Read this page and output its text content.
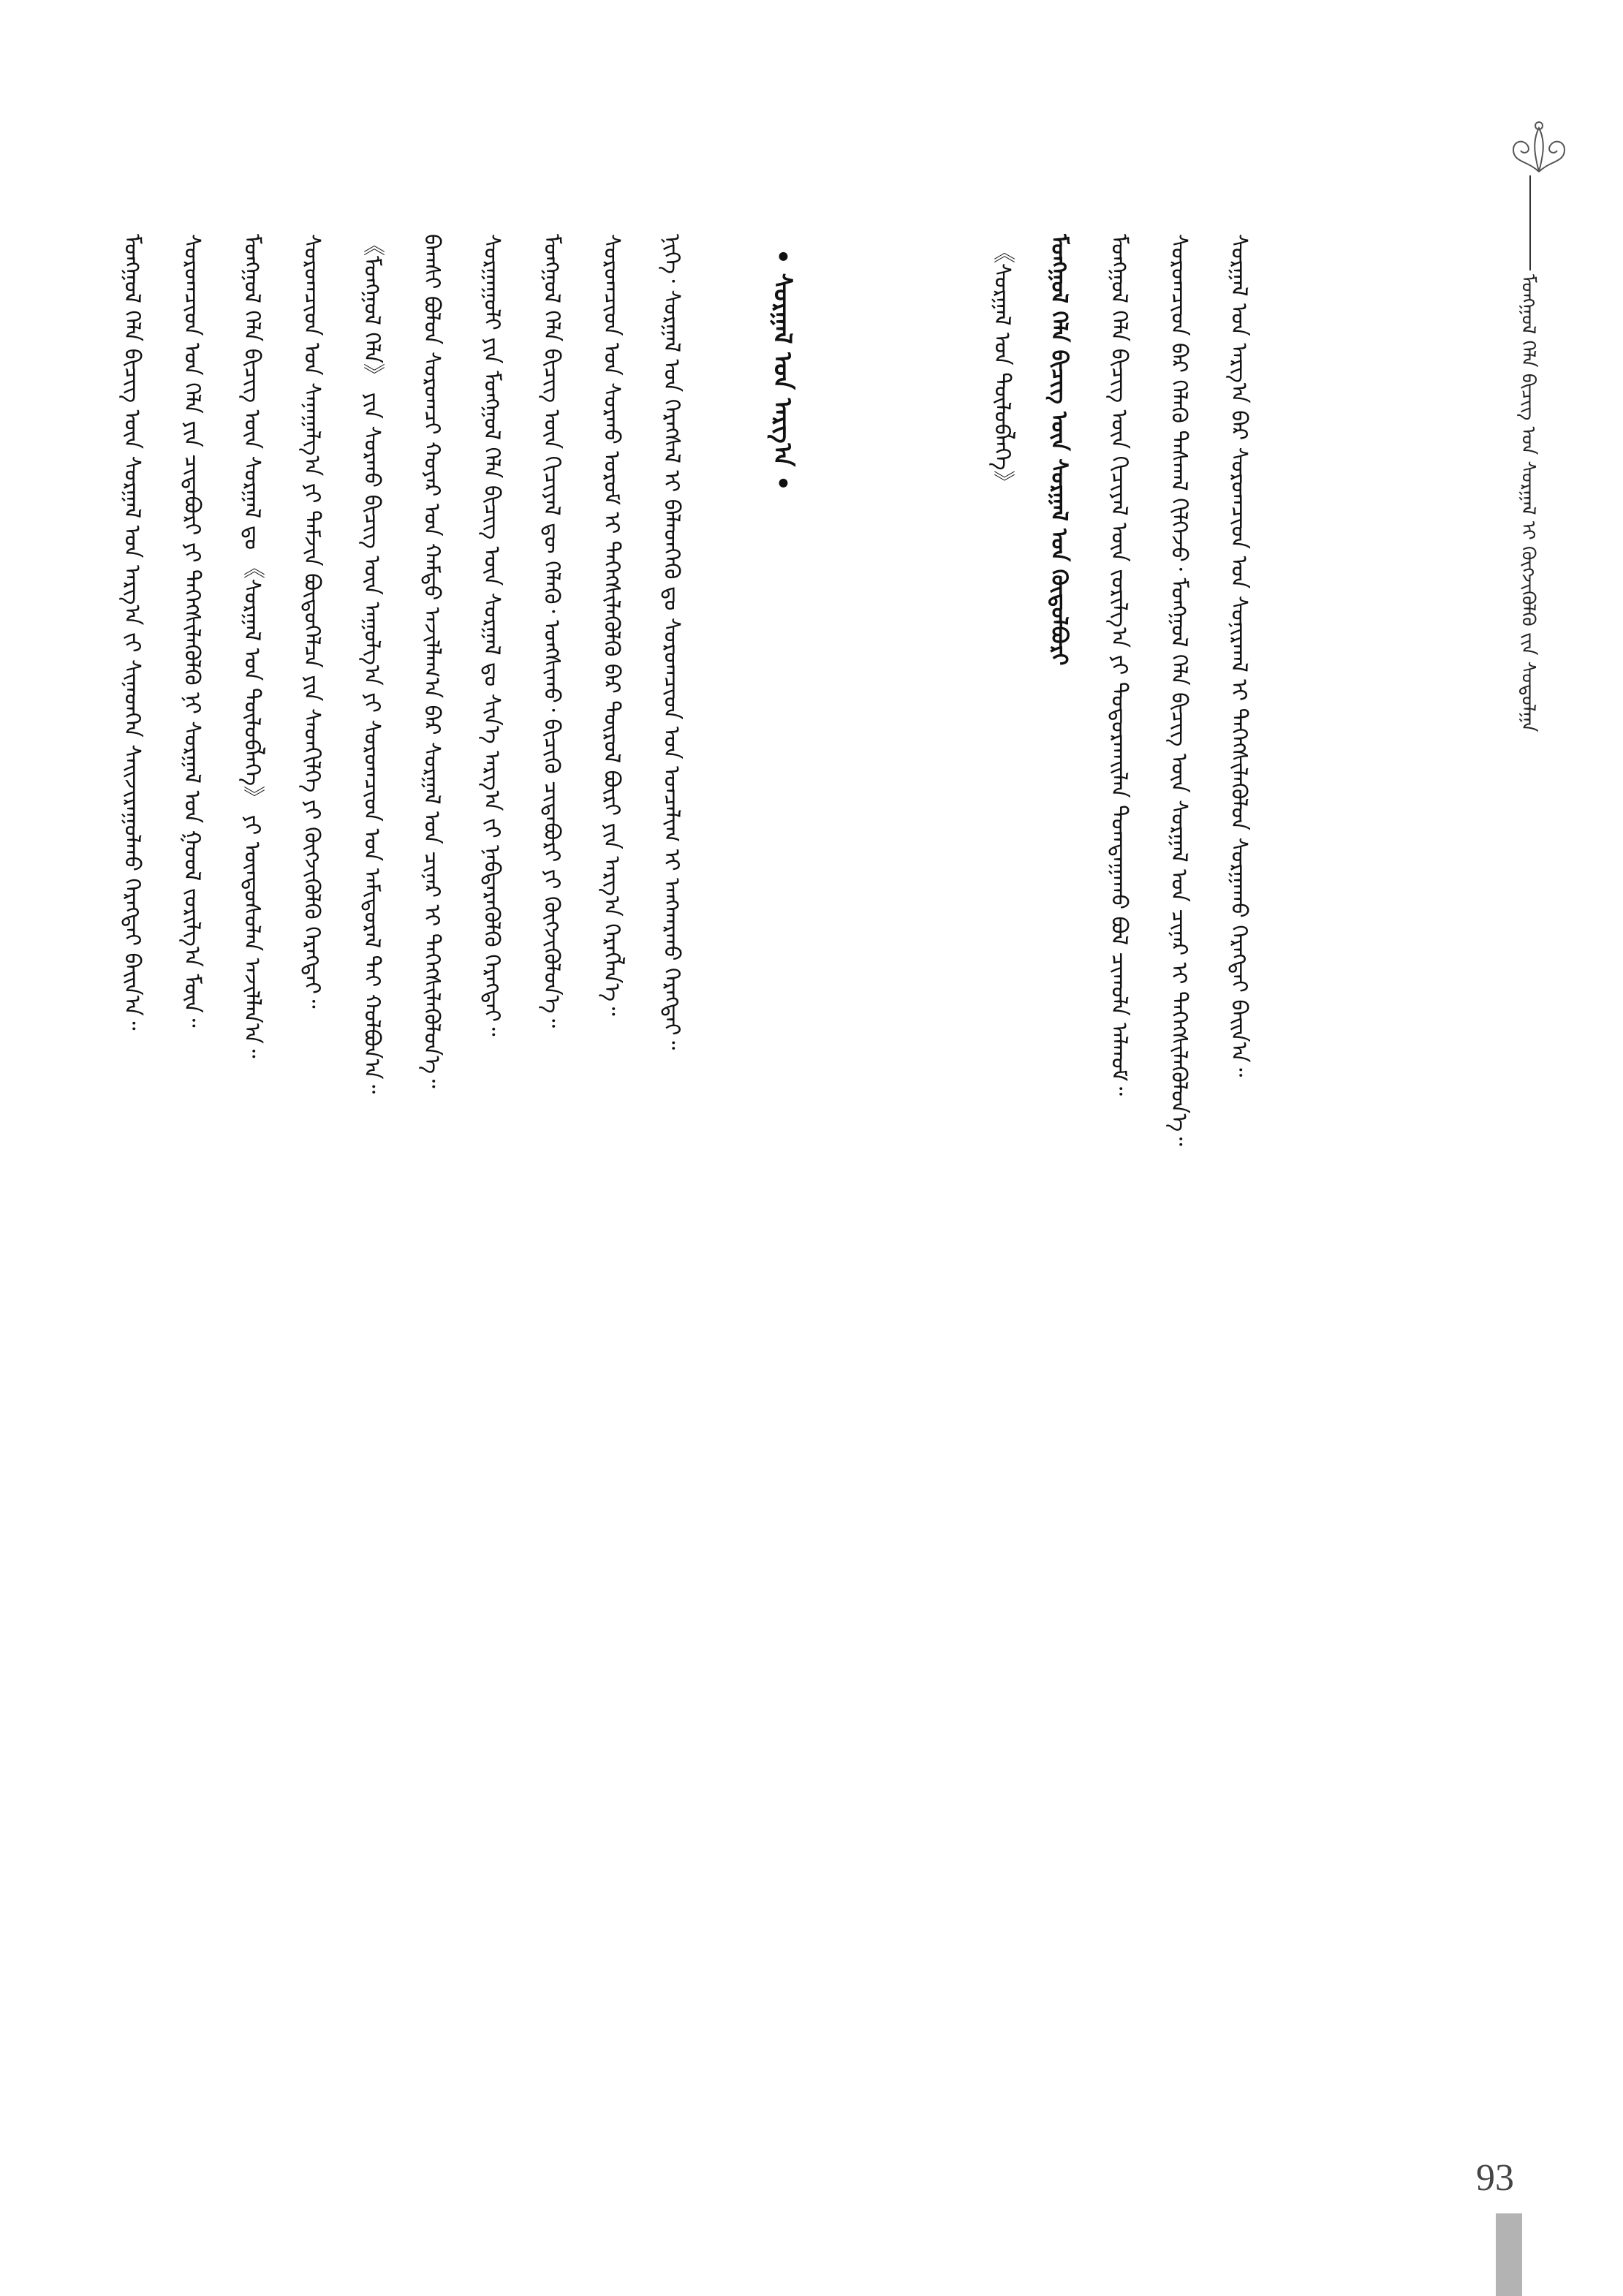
ᠮᠣᠩᠭᠣᠯ ᠬᠡᠯᠡ ᠪᠢᠴᠢᠭ ᠤᠨ ᠰᠤᠷᠭᠠᠯ ᠢ ᠬᠥᠭᠵᠢᠭᠦᠯᠬᠦ ᠵᠢᠨ ᠰᠤᠳᠤᠯᠭᠠ
ᠮᠣᠩᠭᠣᠯ ᠬᠡᠯᠡ ᠪᠢᠴᠢᠭ ᠦᠨ ᠰᠤᠷᠭᠠᠯ ᠤᠨ ᠠᠷᠭ᠎ᠠ ᠵᠢ ᠰᠢᠨᠡᠳᠬᠡᠨ ᠰᠠᠢᠵᠢᠷᠠᠭᠤᠯᠬᠤ ᠬᠡᠷᠡᠭᠲᠡᠢ ᠪᠠᠢᠨ᠎ᠠ᠃	ᠰᠤᠷᠤᠭᠴᠢᠳ ᠤᠨ ᠬᠡᠯᠡ ᠶᠢᠨ ᠴᠢᠳᠠᠪᠤᠷᠢ ᠶᠢ ᠳᠡᠭᠡᠭᠰᠢᠯᠡᠭᠦᠯᠬᠦ ᠨᠢ ᠰᠤᠷᠭᠠᠯ ᠤᠨ ᠭᠣᠤᠯ ᠵᠣᠷᠢᠯᠭ᠎ᠠ ᠮᠥᠨ᠃	ᠮᠣᠩᠭᠣᠯ ᠬᠡᠯᠡ ᠪᠢᠴᠢᠭ ᠦᠨ ᠰᠤᠷᠭᠠᠯ ᠳᠤ 《ᠰᠤᠷᠭᠠᠯ ᠤᠨ ᠲᠥᠯᠥᠪᠯᠡᠭᠡ》 ᠶᠢ ᠦᠨᠳᠦᠰᠦᠯᠡᠨ ᠠᠵᠢᠯᠯᠠᠨ᠎ᠠ᠃	ᠰᠤᠷᠤᠭᠴᠢᠳ ᠤᠨ ᠰᠠᠨᠠᠭᠠᠯᠭ᠎ᠠ ᠶᠢ ᠳᠡᠮᠵᠢᠨ ᠪᠦᠲᠦᠭᠡᠯᠴᠡ ᠶᠢᠨ ᠰᠡᠳᠬᠢᠯᠭᠡ ᠶᠢ ᠬᠥᠭᠵᠢᠭᠦᠯᠬᠦ ᠬᠡᠷᠡᠭᠲᠡᠢ᠃	《ᠮᠣᠩᠭᠣᠯ ᠬᠡᠯᠡ》 ᠶᠢᠨ ᠰᠤᠷᠬᠤ ᠪᠢᠴᠢᠭ ᠦᠨ ᠠᠭᠤᠯᠭ᠎ᠠ ᠶᠢ ᠰᠤᠷᠤᠭᠴᠢᠳ ᠤᠨ ᠠᠮᠢᠳᠤᠷᠠᠯ ᠲᠠᠢ ᠬᠣᠯᠪᠣᠨ᠎ᠠ᠃	ᠪᠠᠭᠰᠢ ᠪᠣᠯᠣᠨ ᠰᠤᠷᠤᠭᠴᠢ ᠬᠣᠶᠠᠷ ᠤᠨ ᠬᠠᠮᠲᠤ ᠠᠵᠢᠯᠯᠠᠭ᠎ᠠ ᠪᠡᠷ ᠰᠤᠷᠭᠠᠯ ᠤᠨ ᠴᠢᠨᠠᠷ ᠢ ᠳᠡᠭᠡᠭᠰᠢᠯᠡᠭᠦᠯᠦᠨ᠎ᠡ᠃	ᠰᠤᠷᠭᠠᠭᠤᠯᠢ ᠶᠢᠨ ᠮᠣᠩᠭᠣᠯ ᠬᠡᠯᠡ ᠪᠢᠴᠢᠭ ᠦᠨ ᠰᠤᠷᠭᠠᠯ ᠳᠤ ᠰᠢᠨ᠎ᠡ ᠠᠷᠭ᠎ᠠ ᠵᠢ ᠨᠡᠪᠲᠡᠷᠡᠭᠦᠯᠬᠦ ᠬᠡᠷᠡᠭᠲᠡᠢ᠃	ᠮᠣᠩᠭᠣᠯ ᠬᠡᠯᠡ ᠪᠢᠴᠢᠭ ᠦᠨ ᠬᠢᠴᠢᠶᠡᠯ ᠳᠦ ᠬᠡᠯᠡᠬᠦ᠂ ᠣᠩᠰᠢᠬᠤ᠂ ᠪᠢᠴᠢᠬᠦ ᠴᠢᠳᠠᠪᠤᠷᠢ ᠶᠢ ᠬᠥᠭᠵᠢᠭᠦᠯᠦᠨ᠎ᠡ᠃	ᠰᠤᠷᠤᠭᠴᠢᠳ ᠤᠨ ᠰᠤᠷᠬᠤ ᠤᠷᠤᠮ ᠢ ᠳᠡᠭᠡᠭᠰᠢᠯᠡᠭᠦᠯᠬᠦ ᠪᠡᠷ ᠲᠥᠷᠥᠯ ᠪᠦᠷᠢ ᠶᠢᠨ ᠠᠷᠭ᠎ᠠ ᠬᠡᠷᠡᠭᠯᠡᠨ᠎ᠡ᠃	ᠨᠢᠭᠡ᠂ ᠰᠤᠷᠭᠠᠯ ᠤᠨ ᠬᠡᠷᠡᠭᠰᠡᠯ ᠢ ᠪᠡᠯᠡᠳᠬᠡᠬᠦ ᠳᠤ ᠰᠤᠷᠤᠭᠴᠢᠳ ᠤᠨ ᠣᠨᠴᠠᠯᠢᠭ ᠢ ᠠᠩᠬᠠᠷᠬᠤ ᠬᠡᠷᠡᠭᠲᠡᠢ᠃	• ᠰᠤᠷᠭᠠᠯ ᠤᠨ ᠠᠷᠭ᠎ᠠ •	《ᠰᠤᠷᠭᠠᠯ ᠤᠨ ᠲᠥᠯᠥᠪᠯᠡᠭᠡ》	ᠮᠣᠩᠭᠣᠯ ᠬᠡᠯᠡ ᠪᠢᠴᠢᠭ ᠦᠨ ᠰᠤᠷᠭᠠᠯ ᠤᠨ ᠬᠥᠲᠥᠯᠪᠦᠷᠢ	ᠮᠣᠩᠭᠣᠯ ᠬᠡᠯᠡ ᠪᠢᠴᠢᠭ ᠦᠨ ᠬᠢᠴᠢᠶᠡᠯ ᠦᠨ ᠵᠣᠷᠢᠯᠭ᠎ᠠ ᠶᠢ ᠲᠣᠳᠤᠷᠬᠠᠢᠯᠠᠨ ᠲᠣᠭᠲᠠᠭᠠᠬᠤ ᠪᠣᠯ ᠴᠢᠬᠤᠯᠠ ᠠᠯᠬᠤᠮ᠃	ᠰᠤᠷᠤᠭᠴᠢᠳ ᠪᠡᠷ ᠬᠡᠯᠡᠬᠦ ᠳᠠᠰᠬᠠᠯ ᠬᠢᠯᠭᠡᠵᠦ᠂ ᠮᠣᠩᠭᠣᠯ ᠬᠡᠯᠡ ᠪᠢᠴᠢᠭ ᠦᠨ ᠰᠤᠷᠭᠠᠯ ᠤᠨ ᠴᠢᠨᠠᠷ ᠢ ᠳᠡᠭᠡᠭᠰᠢᠯᠡᠭᠦᠯᠦᠨ᠎ᠡ᠃	ᠰᠤᠷᠭᠠᠯ ᠤᠨ ᠠᠷᠭ᠎ᠠ ᠪᠠᠷ ᠰᠤᠷᠤᠭᠴᠢᠳ ᠤᠨ ᠰᠣᠨᠢᠷᠬᠠᠯ ᠢ ᠳᠡᠭᠡᠭᠰᠢᠯᠡᠭᠦᠯᠦᠨ ᠰᠤᠷᠭᠠᠬᠤ ᠬᠡᠷᠡᠭᠲᠡᠢ ᠪᠠᠢᠨ᠎ᠠ᠃
93
